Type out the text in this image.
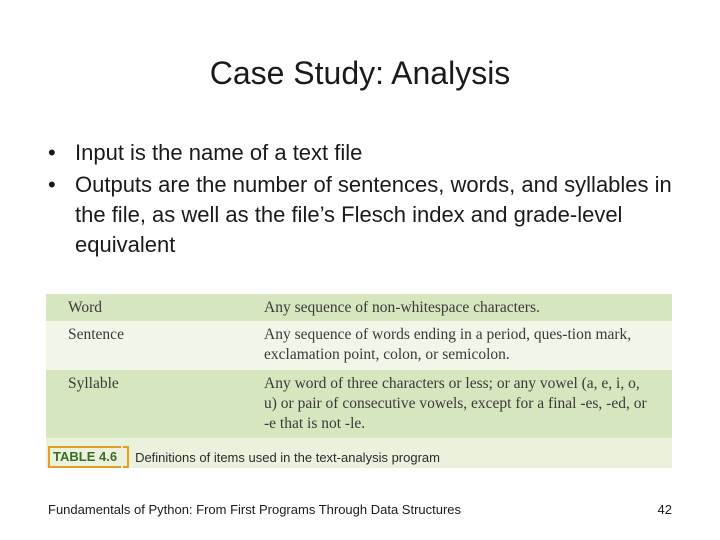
Case Study: Analysis
• Input is the name of a text file
• Outputs are the number of sentences, words, and syllables in the file, as well as the file’s Flesch index and grade-level equivalent
Word	Any sequence of non-whitespace characters.
Sentence	Any sequence of words ending in a period, ques-tion mark, exclamation point, colon, or semicolon.
Syllable	Any word of three characters or less; or any vowel (a, e, i, o, u) or pair of consecutive vowels, except for a final -es, -ed, or -e that is not -le.
TABLE 4.6	Definitions of items used in the text-analysis program
Fundamentals of Python: From First Programs Through Data Structures	42
